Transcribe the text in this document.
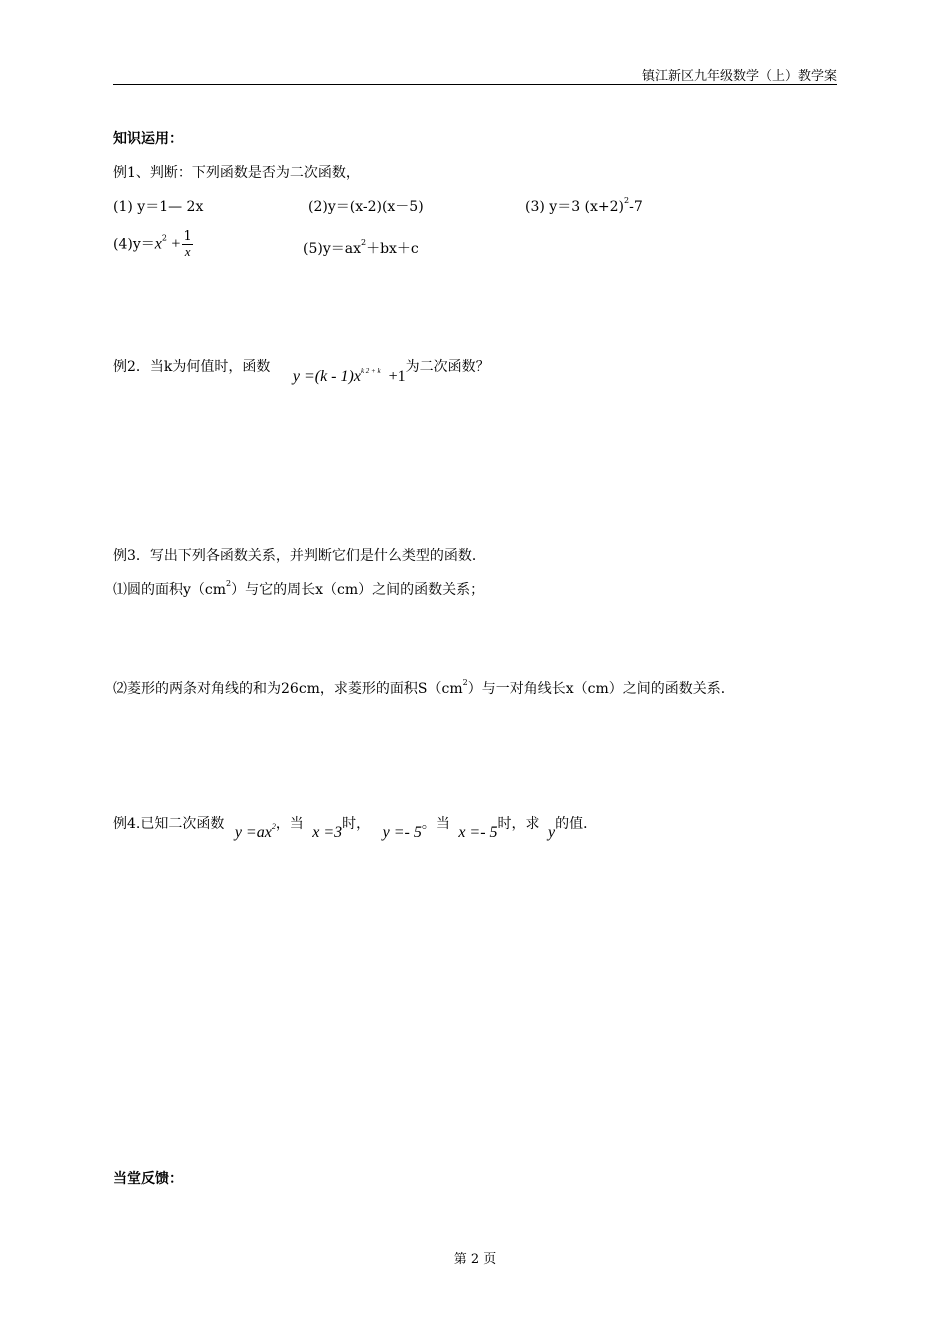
镇江新区九年级数学（上）教学案
知识运用：
例1、判断：下列函数是否为二次函数，
(1) y＝1— 2x	(2)y＝(x-2)(x－5)	(3) y＝3 $(x+2)^2-7$
$(4)y=x^2 + \frac{1}{x}$	$(5)y=ax^2+bx+c$
例2．当k为何值时，函数 $y =(k - 1)x^{k 2 + k} +1$为二次函数？
例3．写出下列各函数关系，并判断它们是什么类型的函数．
⑴圆的面积$y(cm^2)$与它的周长x（cm）之间的函数关系；
⑵菱形的两条对角线的和为26cm，求菱形的面积$S(cm^2)$与一对角线长x（cm）之间的函数关系．
例4.已知二次函数 $y =ax^2$，当 x =3时， y =- 5。当 x =- 5时，求 y的值．
当堂反馈：
第 2 页
